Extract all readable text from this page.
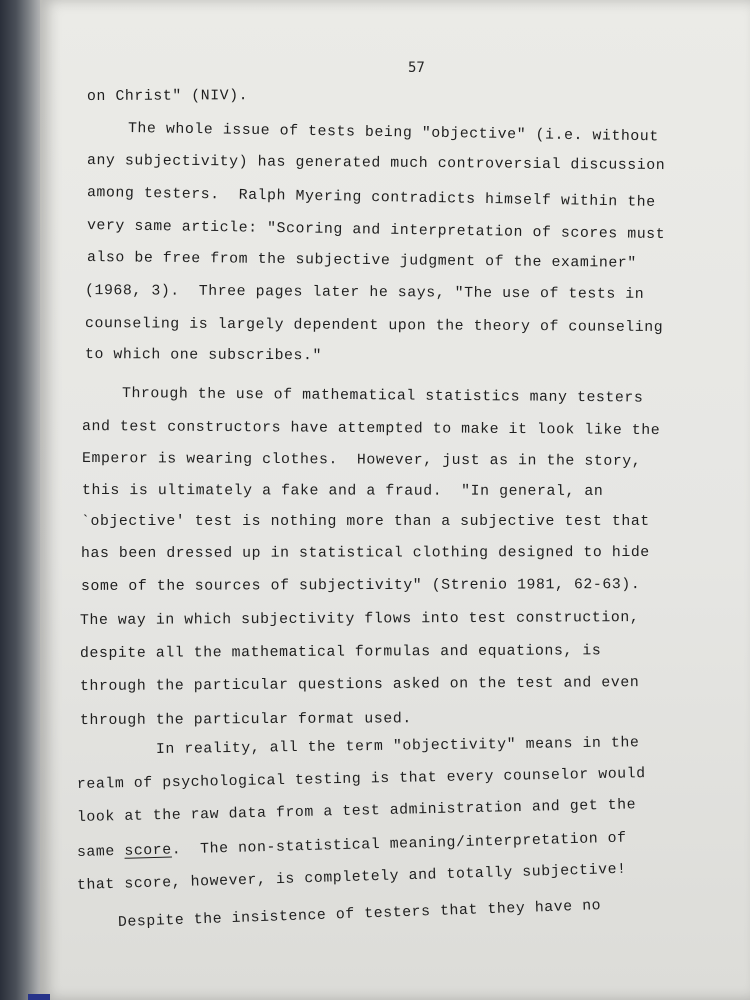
57

on Christ" (NIV).

The whole issue of tests being "objective" (i.e. without

any subjectivity) has generated much controversial discussion

among testers.  Ralph Myering contradicts himself within the

very same article: "Scoring and interpretation of scores must

also be free from the subjective judgment of the examiner"

(1968, 3).  Three pages later he says, "The use of tests in

counseling is largely dependent upon the theory of counseling

to which one subscribes."

Through the use of mathematical statistics many testers

and test constructors have attempted to make it look like the

Emperor is wearing clothes.  However, just as in the story,

this is ultimately a fake and a fraud.  "In general, an

`objective' test is nothing more than a subjective test that

has been dressed up in statistical clothing designed to hide

some of the sources of subjectivity" (Strenio 1981, 62-63).

The way in which subjectivity flows into test construction,

despite all the mathematical formulas and equations, is

through the particular questions asked on the test and even

through the particular format used.

In reality, all the term "objectivity" means in the

realm of psychological testing is that every counselor would

look at the raw data from a test administration and get the

same score.  The non-statistical meaning/interpretation of

that score, however, is completely and totally subjective!

Despite the insistence of testers that they have no
